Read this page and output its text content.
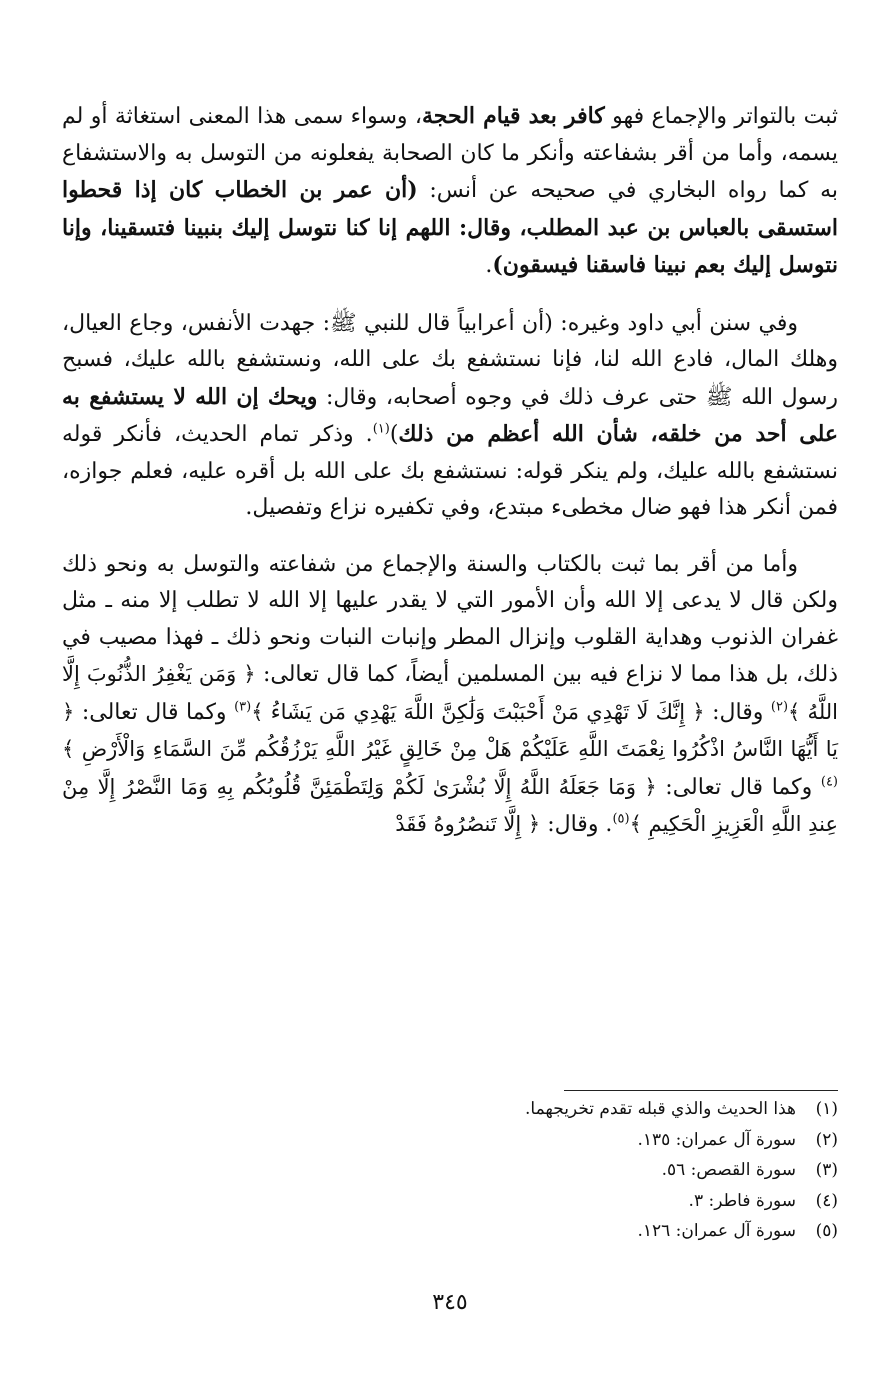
ثبت بالتواتر والإجماع فهو كافر بعد قيام الحجة، وسواء سمى هذا المعنى استغاثة أو لم يسمه، وأما من أقر بشفاعته وأنكر ما كان الصحابة يفعلونه من التوسل به والاستشفاع به كما رواه البخاري في صحيحه عن أنس: (أن عمر بن الخطاب كان إذا قحطوا استسقى بالعباس بن عبد المطلب، وقال: اللهم إنا كنا نتوسل إليك بنبينا فتسقينا، وإنا نتوسل إليك بعم نبينا فاسقنا فيسقون).

وفي سنن أبي داود وغيره: (أن أعرابياً قال للنبي ﷺ: جهدت الأنفس، وجاع العيال، وهلك المال، فادع الله لنا، فإنا نستشفع بك على الله، ونستشفع بالله عليك، فسبح رسول الله ﷺ حتى عرف ذلك في وجوه أصحابه، وقال: ويحك إن الله لا يستشفع به على أحد من خلقه، شأن الله أعظم من ذلك)$^{(١)}$. وذكر تمام الحديث، فأنكر قوله نستشفع بالله عليك، ولم ينكر قوله: نستشفع بك على الله بل أقره عليه، فعلم جوازه، فمن أنكر هذا فهو ضال مخطىء مبتدع، وفي تكفيره نزاع وتفصيل.

وأما من أقر بما ثبت بالكتاب والسنة والإجماع من شفاعته والتوسل به ونحو ذلك ولكن قال لا يدعى إلا الله وأن الأمور التي لا يقدر عليها إلا الله لا تطلب إلا منه ـ مثل غفران الذنوب وهداية القلوب وإنزال المطر وإنبات النبات ونحو ذلك ـ فهذا مصيب في ذلك، بل هذا مما لا نزاع فيه بين المسلمين أيضاً، كما قال تعالى: ﴿ وَمَن يَغْفِرُ الذُّنُوبَ إِلَّا اللَّهُ ﴾$^{(٢)}$ وقال: ﴿ إِنَّكَ لَا تَهْدِي مَنْ أَحْبَبْتَ وَلَٰكِنَّ اللَّهَ يَهْدِي مَن يَشَاءُ ﴾$^{(٣)}$ وكما قال تعالى: ﴿ يَا أَيُّهَا النَّاسُ اذْكُرُوا نِعْمَتَ اللَّهِ عَلَيْكُمْ هَلْ مِنْ خَالِقٍ غَيْرُ اللَّهِ يَرْزُقُكُم مِّنَ السَّمَاءِ وَالْأَرْضِ ﴾$^{(٤)}$ وكما قال تعالى: ﴿ وَمَا جَعَلَهُ اللَّهُ إِلَّا بُشْرَىٰ لَكُمْ وَلِتَطْمَئِنَّ قُلُوبُكُم بِهِ وَمَا النَّصْرُ إِلَّا مِنْ عِندِ اللَّهِ الْعَزِيزِ الْحَكِيمِ ﴾$^{(٥)}$. وقال: ﴿ إِلَّا تَنصُرُوهُ فَقَدْ

(١)هذا الحديث والذي قبله تقدم تخريجهما.
(٢)سورة آل عمران: ١٣٥.
(٣)سورة القصص: ٥٦.
(٤)سورة فاطر: ٣.
(٥)سورة آل عمران: ١٢٦.
٣٤٥
